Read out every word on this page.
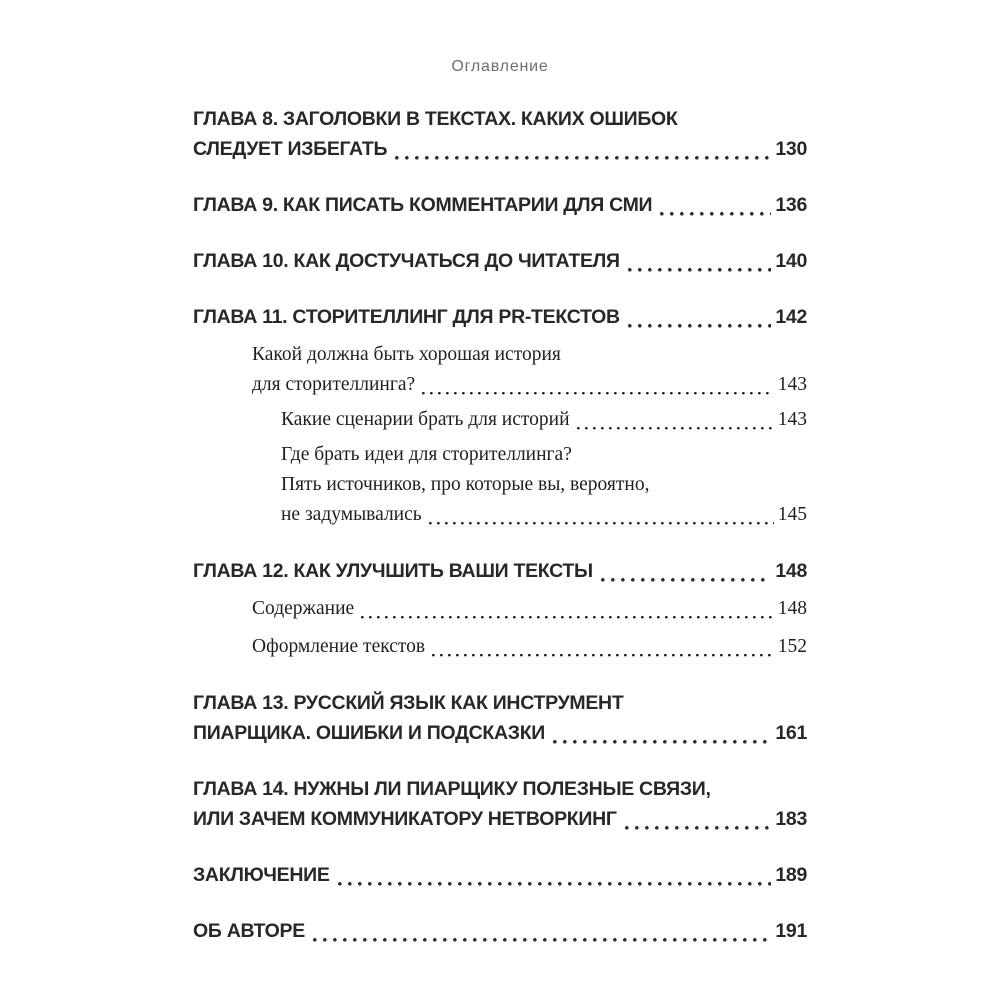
Оглавление
ГЛАВА 8. ЗАГОЛОВКИ В ТЕКСТАХ. КАКИХ ОШИБОК
СЛЕДУЕТ ИЗБЕГАТЬ	130
ГЛАВА 9. КАК ПИСАТЬ КОММЕНТАРИИ ДЛЯ СМИ	136
ГЛАВА 10. КАК ДОСТУЧАТЬСЯ ДО ЧИТАТЕЛЯ	140
ГЛАВА 11. СТОРИТЕЛЛИНГ ДЛЯ PR-ТЕКСТОВ	142
Какой должна быть хорошая история
для сторителлинга?	143
Какие сценарии брать для историй	143
Где брать идеи для сторителлинга?
Пять источников, про которые вы, вероятно,
не задумывались	145
ГЛАВА 12. КАК УЛУЧШИТЬ ВАШИ ТЕКСТЫ	148
Содержание	148
Оформление текстов	152
ГЛАВА 13. РУССКИЙ ЯЗЫК КАК ИНСТРУМЕНТ
ПИАРЩИКА. ОШИБКИ И ПОДСКАЗКИ	161
ГЛАВА 14. НУЖНЫ ЛИ ПИАРЩИКУ ПОЛЕЗНЫЕ СВЯЗИ,
ИЛИ ЗАЧЕМ КОММУНИКАТОРУ НЕТВОРКИНГ	183
ЗАКЛЮЧЕНИЕ	189
ОБ АВТОРЕ	191
